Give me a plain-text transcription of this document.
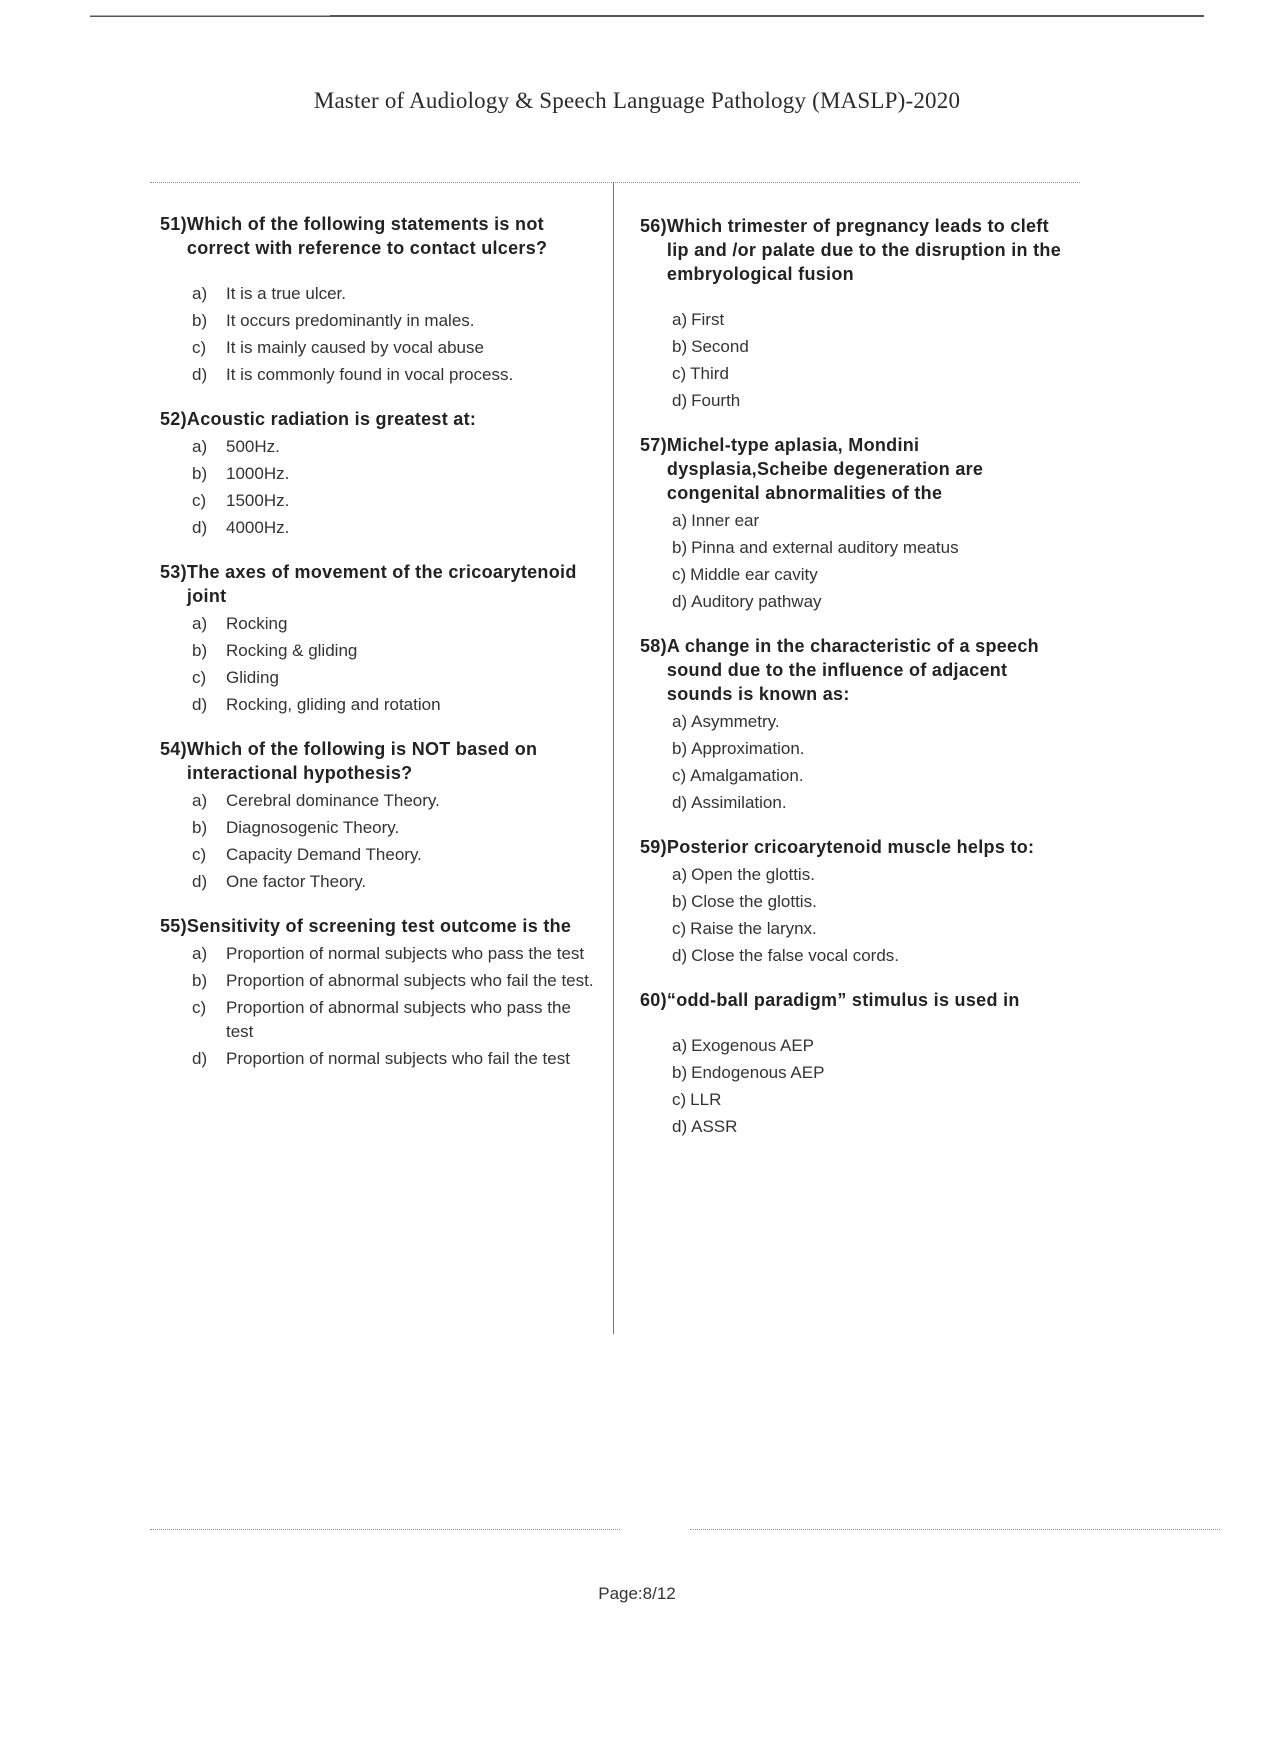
Master of Audiology & Speech Language Pathology (MASLP)-2020
51) Which of the following statements is not correct with reference to contact ulcers?
a)	It is a true ulcer.
b)	It occurs predominantly in males.
c)	It is mainly caused by vocal abuse
d)	It is commonly found in vocal process.
52) Acoustic radiation is greatest at:
a)	500Hz.
b)	1000Hz.
c)	1500Hz.
d)	4000Hz.
53) The axes of movement of the cricoarytenoid joint
a)	Rocking
b)	Rocking & gliding
c)	Gliding
d)	Rocking, gliding and rotation
54) Which of the following is NOT based on interactional hypothesis?
a)	Cerebral dominance Theory.
b)	Diagnosogenic Theory.
c)	Capacity Demand Theory.
d)	One factor Theory.
55) Sensitivity of screening test outcome is the
a)	Proportion of normal subjects who pass the test
b)	Proportion of abnormal subjects who fail the test.
c)	Proportion of abnormal subjects who pass the test
d)	Proportion of normal subjects who fail the test
56) Which trimester of pregnancy leads to cleft lip and /or palate due to the disruption in the embryological fusion
a) First
b) Second
c) Third
d) Fourth
57) Michel-type aplasia, Mondini dysplasia,Scheibe degeneration are congenital abnormalities of the
a) Inner ear
b) Pinna and external auditory meatus
c) Middle ear cavity
d) Auditory pathway
58) A change in the characteristic of a speech sound due to the influence of adjacent sounds is known as:
a) Asymmetry.
b) Approximation.
c) Amalgamation.
d) Assimilation.
59) Posterior cricoarytenoid muscle helps to:
a) Open the glottis.
b) Close the glottis.
c) Raise the larynx.
d) Close the false vocal cords.
60) “odd-ball paradigm” stimulus is used in
a) Exogenous AEP
b) Endogenous AEP
c) LLR
d) ASSR
Page:8/12
